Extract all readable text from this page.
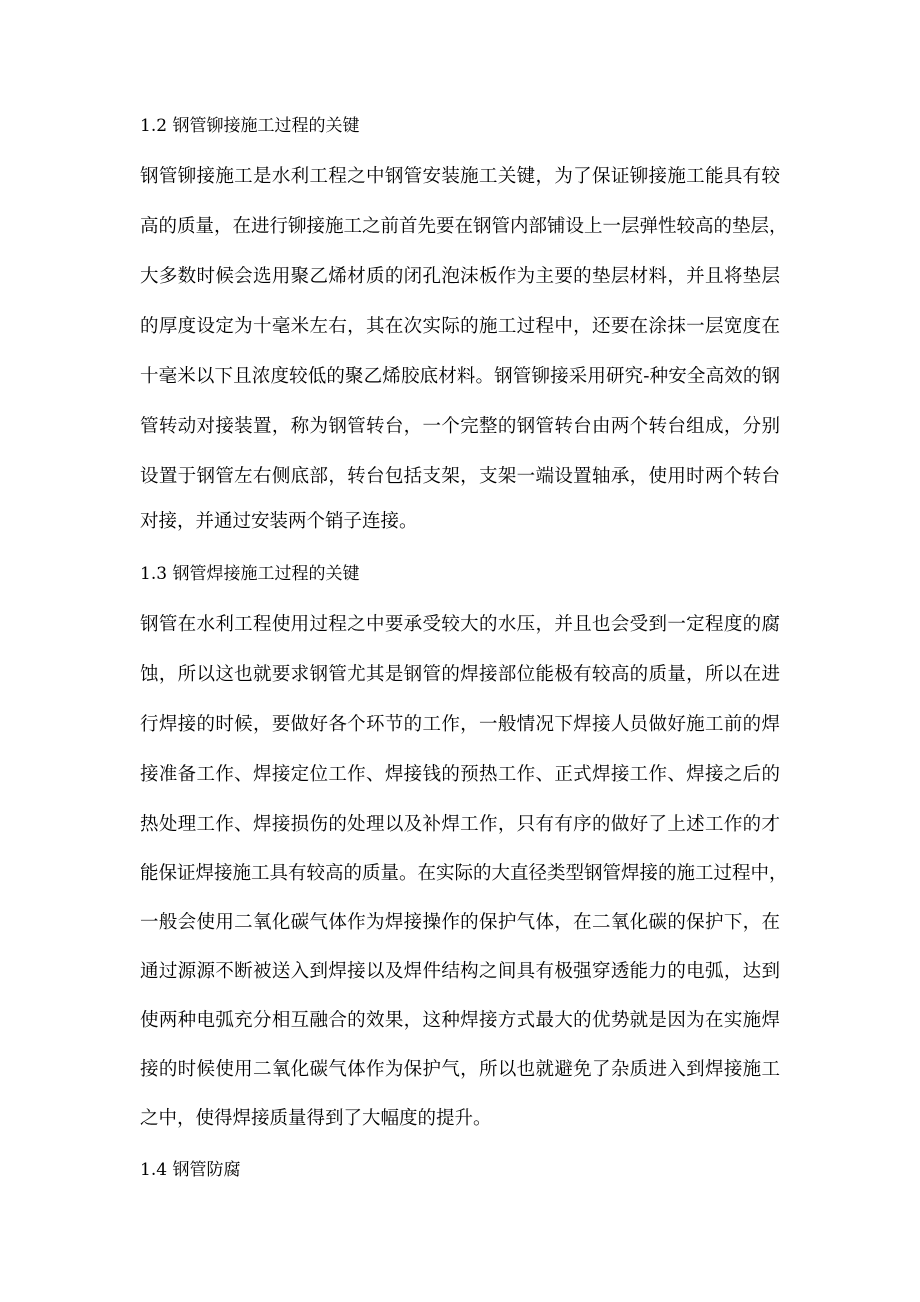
1.2 钢管铆接施工过程的关键
钢管铆接施工是水利工程之中钢管安装施工关键，为了保证铆接施工能具有较
高的质量，在进行铆接施工之前首先要在钢管内部铺设上一层弹性较高的垫层，
大多数时候会选用聚乙烯材质的闭孔泡沫板作为主要的垫层材料，并且将垫层
的厚度设定为十毫米左右，其在次实际的施工过程中，还要在涂抹一层宽度在
十毫米以下且浓度较低的聚乙烯胶底材料。钢管铆接采用研究-种安全高效的钢
管转动对接装置，称为钢管转台，一个完整的钢管转台由两个转台组成，分别
设置于钢管左右侧底部，转台包括支架，支架一端设置轴承，使用时两个转台
对接，并通过安装两个销子连接。
1.3 钢管焊接施工过程的关键
钢管在水利工程使用过程之中要承受较大的水压，并且也会受到一定程度的腐
蚀，所以这也就要求钢管尤其是钢管的焊接部位能极有较高的质量，所以在进
行焊接的时候，要做好各个环节的工作，一般情况下焊接人员做好施工前的焊
接准备工作、焊接定位工作、焊接钱的预热工作、正式焊接工作、焊接之后的
热处理工作、焊接损伤的处理以及补焊工作，只有有序的做好了上述工作的才
能保证焊接施工具有较高的质量。在实际的大直径类型钢管焊接的施工过程中，
一般会使用二氧化碳气体作为焊接操作的保护气体，在二氧化碳的保护下，在
通过源源不断被送入到焊接以及焊件结构之间具有极强穿透能力的电弧，达到
使两种电弧充分相互融合的效果，这种焊接方式最大的优势就是因为在实施焊
接的时候使用二氧化碳气体作为保护气，所以也就避免了杂质进入到焊接施工
之中，使得焊接质量得到了大幅度的提升。
1.4 钢管防腐
